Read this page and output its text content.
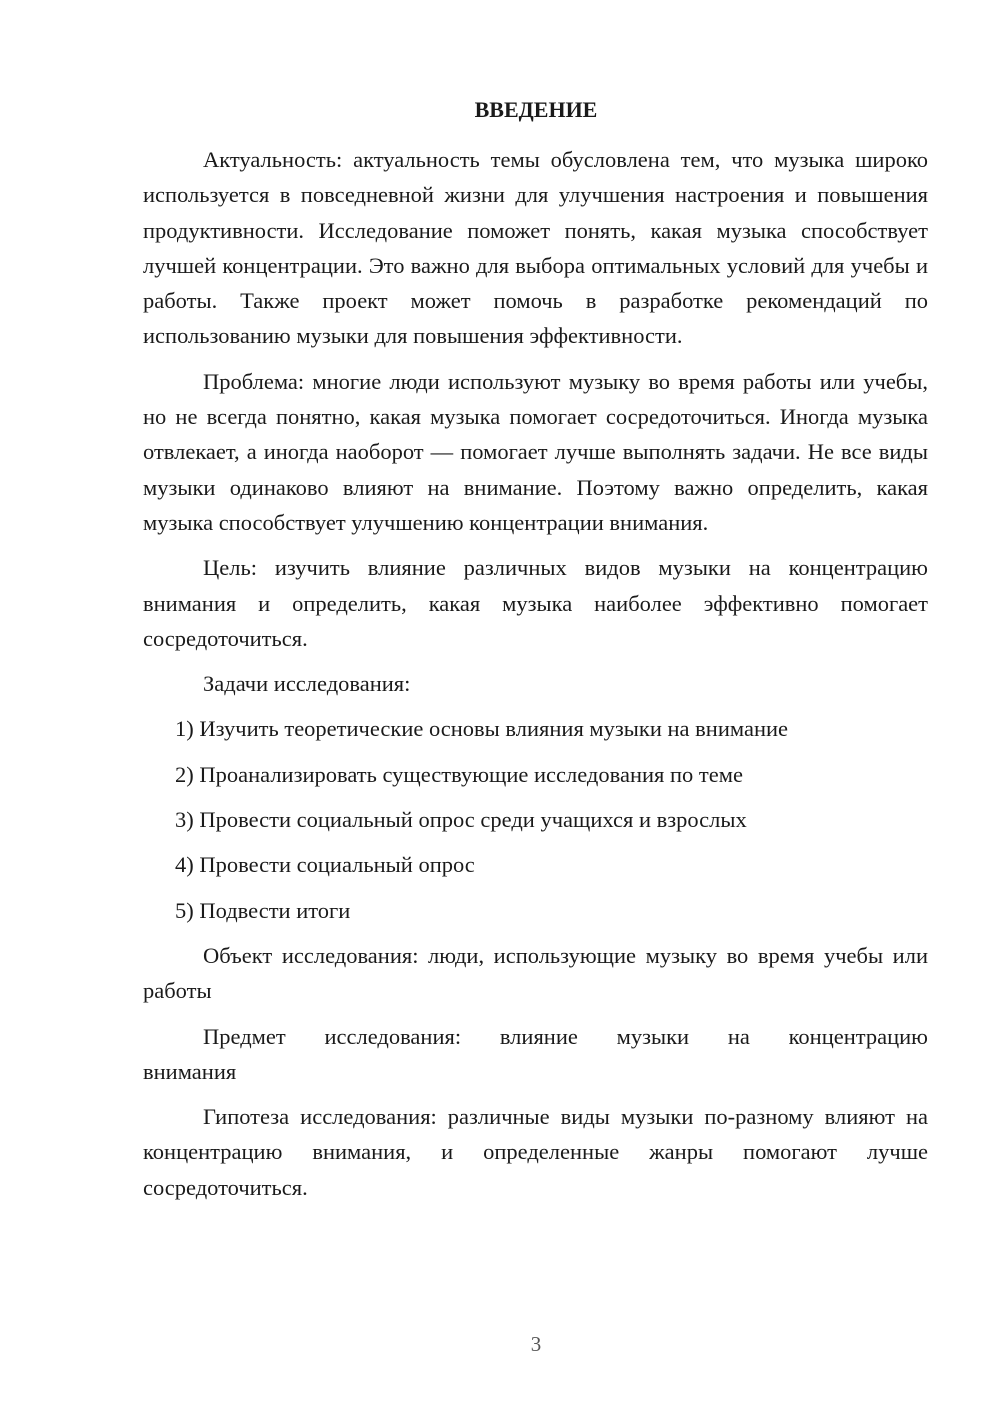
ВВЕДЕНИЕ

Актуальность: актуальность темы обусловлена тем, что музыка широко используется в повседневной жизни для улучшения настроения и повышения продуктивности. Исследование поможет понять, какая музыка способствует лучшей концентрации. Это важно для выбора оптимальных условий для учебы и работы. Также проект может помочь в разработке рекомендаций по использованию музыки для повышения эффективности.

Проблема: многие люди используют музыку во время работы или учебы, но не всегда понятно, какая музыка помогает сосредоточиться. Иногда музыка отвлекает, а иногда наоборот — помогает лучше выполнять задачи. Не все виды музыки одинаково влияют на внимание. Поэтому важно определить, какая музыка способствует улучшению концентрации внимания.

Цель: изучить влияние различных видов музыки на концентрацию внимания и определить, какая музыка наиболее эффективно помогает сосредоточиться.

Задачи исследования:

1) Изучить теоретические основы влияния музыки на внимание

2) Проанализировать существующие исследования по теме

3) Провести социальный опрос среди учащихся и взрослых

4) Провести социальный опрос

5) Подвести итоги

Объект исследования: люди, использующие музыку во время учебы или работы

Предмет исследования: влияние музыки на концентрацию
внимания

Гипотеза исследования: различные виды музыки по-разному влияют на концентрацию внимания, и определенные жанры помогают лучше сосредоточиться.

3
